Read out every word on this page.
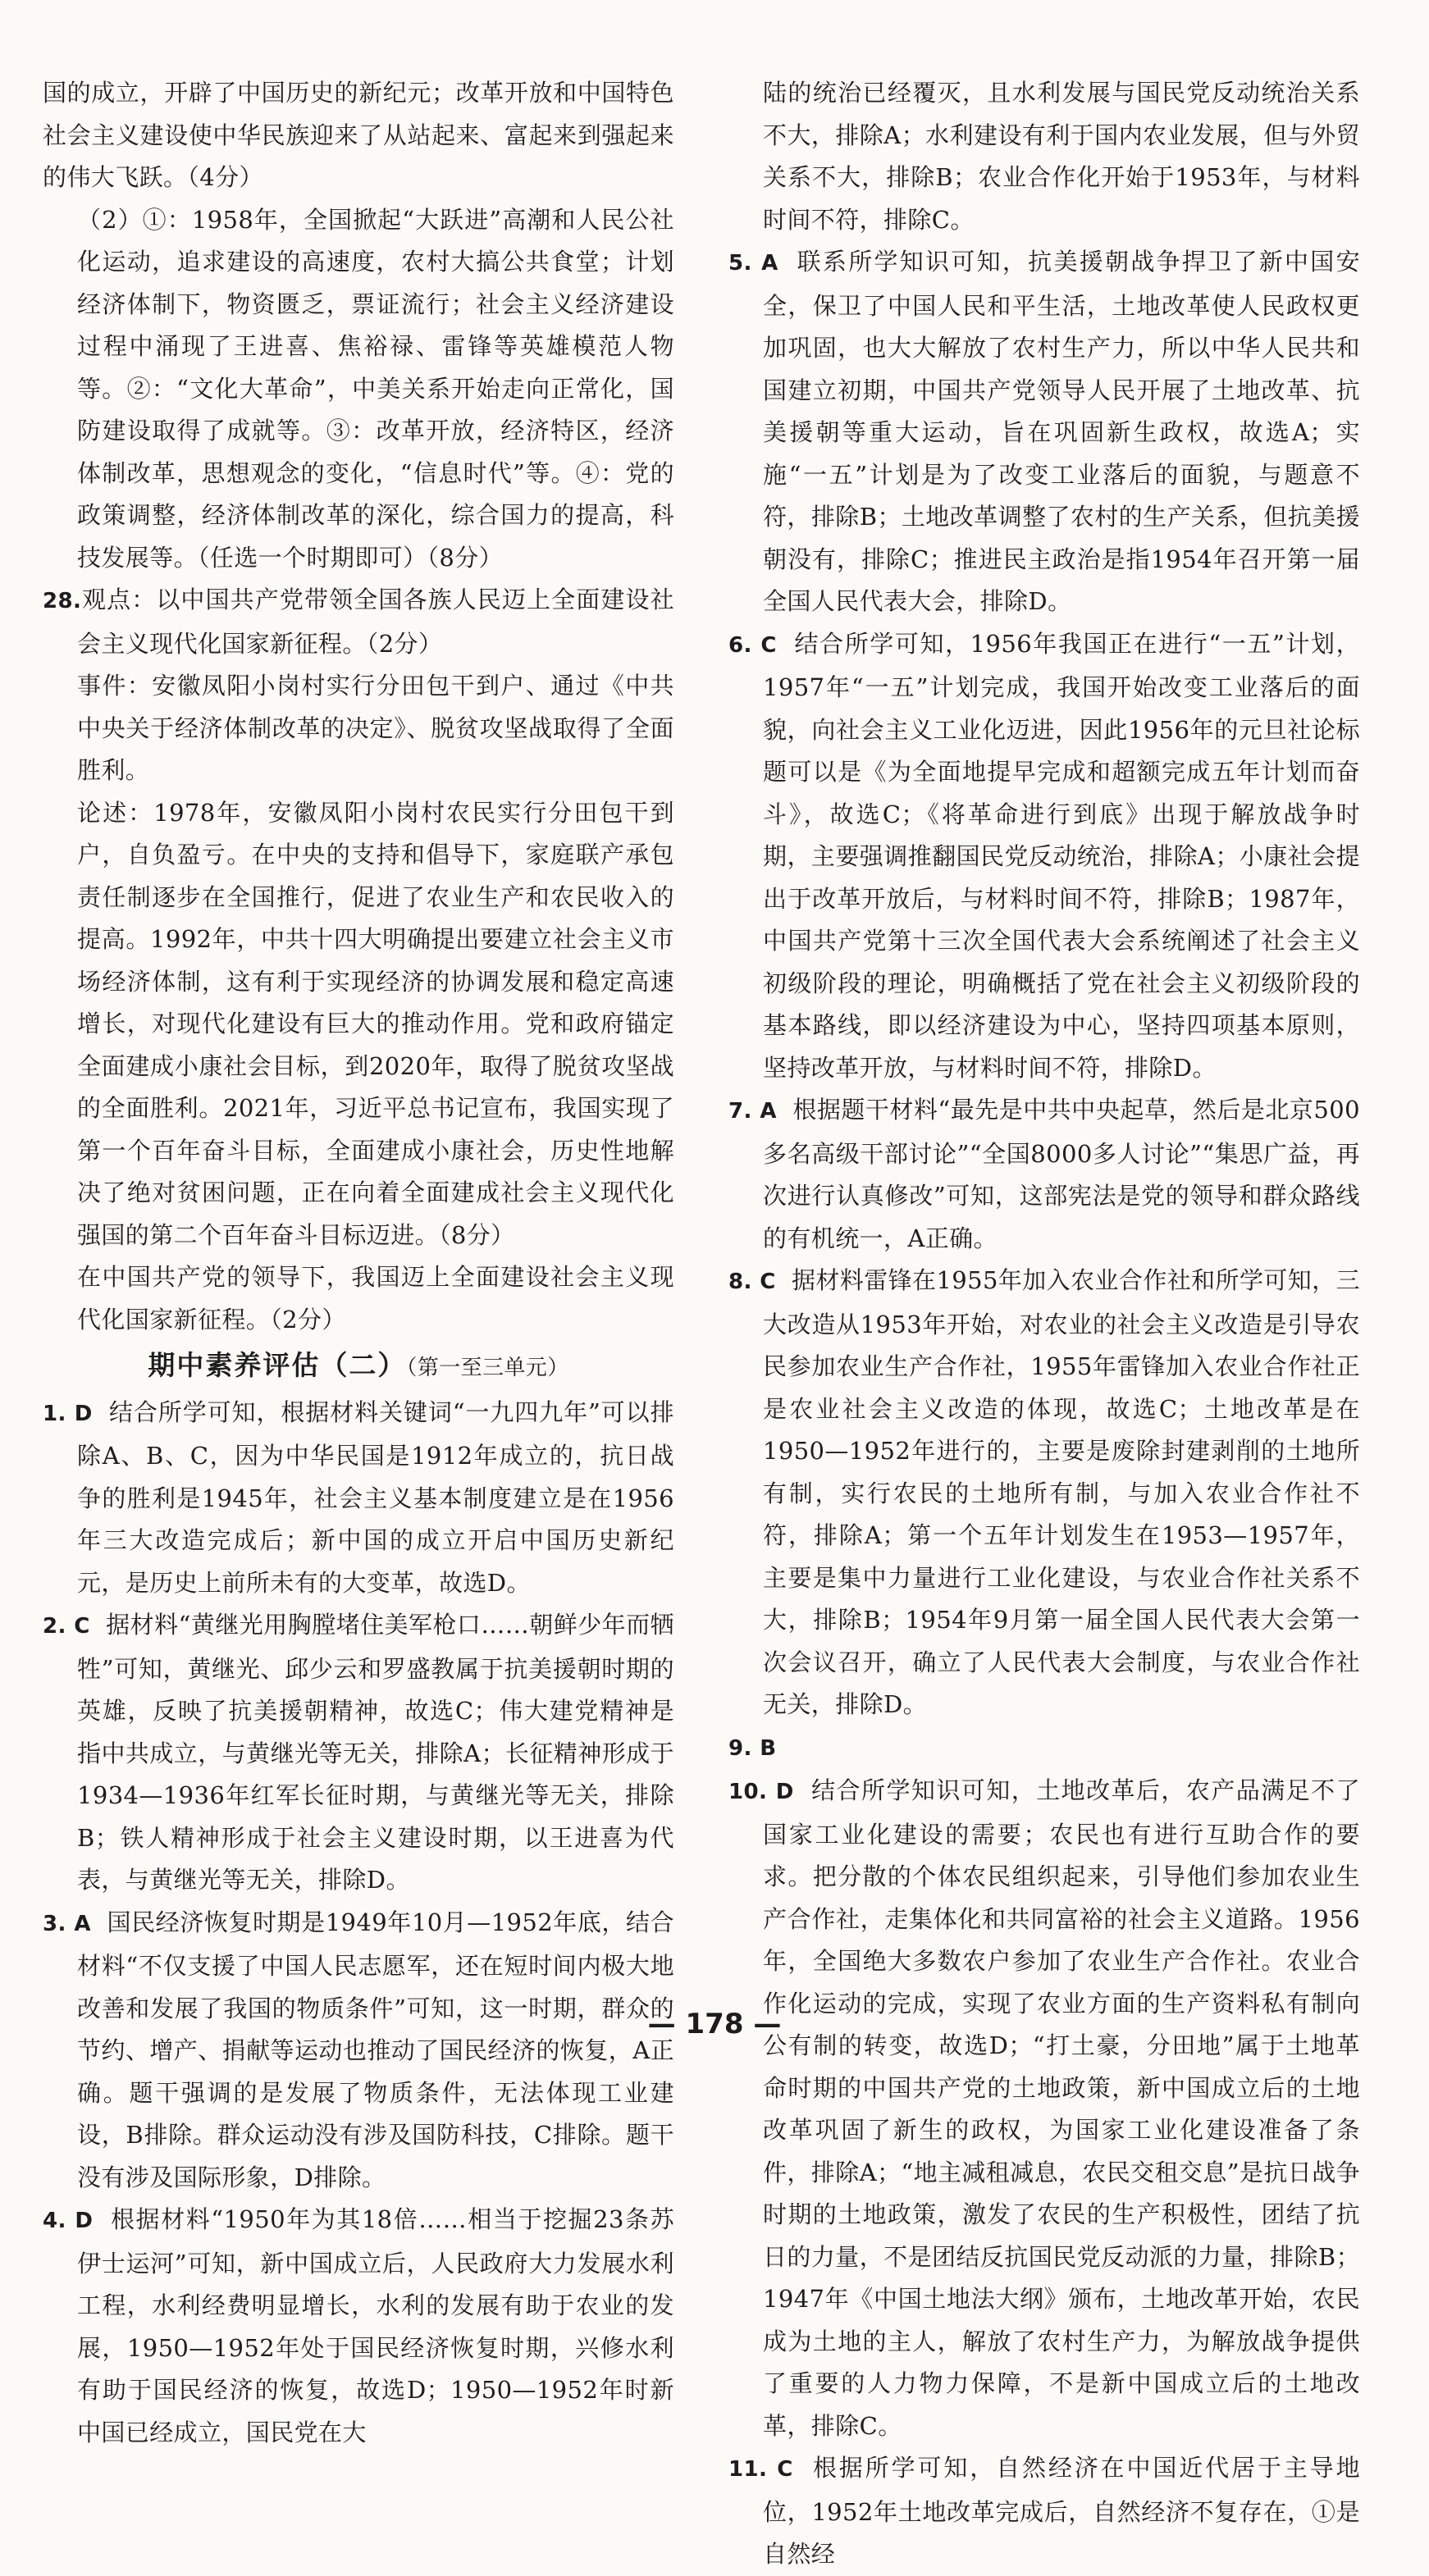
国的成立，开辟了中国历史的新纪元；改革开放和中国特色社会主义建设使中华民族迎来了从站起来、富起来到强起来的伟大飞跃。（4分）

（2）①：1958年，全国掀起“大跃进”高潮和人民公社化运动，追求建设的高速度，农村大搞公共食堂；计划经济体制下，物资匮乏，票证流行；社会主义经济建设过程中涌现了王进喜、焦裕禄、雷锋等英雄模范人物等。②：“文化大革命”，中美关系开始走向正常化，国防建设取得了成就等。③：改革开放，经济特区，经济体制改革，思想观念的变化，“信息时代”等。④：党的政策调整，经济体制改革的深化，综合国力的提高，科技发展等。（任选一个时期即可）（8分）

28.观点：以中国共产党带领全国各族人民迈上全面建设社会主义现代化国家新征程。（2分）

事件：安徽凤阳小岗村实行分田包干到户、通过《中共中央关于经济体制改革的决定》、脱贫攻坚战取得了全面胜利。

论述：1978年，安徽凤阳小岗村农民实行分田包干到户，自负盈亏。在中央的支持和倡导下，家庭联产承包责任制逐步在全国推行，促进了农业生产和农民收入的提高。1992年，中共十四大明确提出要建立社会主义市场经济体制，这有利于实现经济的协调发展和稳定高速增长，对现代化建设有巨大的推动作用。党和政府锚定全面建成小康社会目标，到2020年，取得了脱贫攻坚战的全面胜利。2021年，习近平总书记宣布，我国实现了第一个百年奋斗目标，全面建成小康社会，历史性地解决了绝对贫困问题，正在向着全面建成社会主义现代化强国的第二个百年奋斗目标迈进。（8分）

在中国共产党的领导下，我国迈上全面建设社会主义现代化国家新征程。（2分）

期中素养评估（二）（第一至三单元）

1. D 结合所学可知，根据材料关键词“一九四九年”可以排除A、B、C，因为中华民国是1912年成立的，抗日战争的胜利是1945年，社会主义基本制度建立是在1956年三大改造完成后；新中国的成立开启中国历史新纪元，是历史上前所未有的大变革，故选D。

2. C 据材料“黄继光用胸膛堵住美军枪口……朝鲜少年而牺牲”可知，黄继光、邱少云和罗盛教属于抗美援朝时期的英雄，反映了抗美援朝精神，故选C；伟大建党精神是指中共成立，与黄继光等无关，排除A；长征精神形成于1934—1936年红军长征时期，与黄继光等无关，排除B；铁人精神形成于社会主义建设时期，以王进喜为代表，与黄继光等无关，排除D。

3. A 国民经济恢复时期是1949年10月—1952年底，结合材料“不仅支援了中国人民志愿军，还在短时间内极大地改善和发展了我国的物质条件”可知，这一时期，群众的节约、增产、捐献等运动也推动了国民经济的恢复，A正确。题干强调的是发展了物质条件，无法体现工业建设，B排除。群众运动没有涉及国防科技，C排除。题干没有涉及国际形象，D排除。

4. D 根据材料“1950年为其18倍……相当于挖掘23条苏伊士运河”可知，新中国成立后，人民政府大力发展水利工程，水利经费明显增长，水利的发展有助于农业的发展，1950—1952年处于国民经济恢复时期，兴修水利有助于国民经济的恢复，故选D；1950—1952年时新中国已经成立，国民党在大

陆的统治已经覆灭，且水利发展与国民党反动统治关系不大，排除A；水利建设有利于国内农业发展，但与外贸关系不大，排除B；农业合作化开始于1953年，与材料时间不符，排除C。

5. A 联系所学知识可知，抗美援朝战争捍卫了新中国安全，保卫了中国人民和平生活，土地改革使人民政权更加巩固，也大大解放了农村生产力，所以中华人民共和国建立初期，中国共产党领导人民开展了土地改革、抗美援朝等重大运动，旨在巩固新生政权，故选A；实施“一五”计划是为了改变工业落后的面貌，与题意不符，排除B；土地改革调整了农村的生产关系，但抗美援朝没有，排除C；推进民主政治是指1954年召开第一届全国人民代表大会，排除D。

6. C 结合所学可知，1956年我国正在进行“一五”计划，1957年“一五”计划完成，我国开始改变工业落后的面貌，向社会主义工业化迈进，因此1956年的元旦社论标题可以是《为全面地提早完成和超额完成五年计划而奋斗》，故选C；《将革命进行到底》出现于解放战争时期，主要强调推翻国民党反动统治，排除A；小康社会提出于改革开放后，与材料时间不符，排除B；1987年，中国共产党第十三次全国代表大会系统阐述了社会主义初级阶段的理论，明确概括了党在社会主义初级阶段的基本路线，即以经济建设为中心，坚持四项基本原则，坚持改革开放，与材料时间不符，排除D。

7. A 根据题干材料“最先是中共中央起草，然后是北京500多名高级干部讨论”“全国8000多人讨论”“集思广益，再次进行认真修改”可知，这部宪法是党的领导和群众路线的有机统一，A正确。

8. C 据材料雷锋在1955年加入农业合作社和所学可知，三大改造从1953年开始，对农业的社会主义改造是引导农民参加农业生产合作社，1955年雷锋加入农业合作社正是农业社会主义改造的体现，故选C；土地改革是在1950—1952年进行的，主要是废除封建剥削的土地所有制，实行农民的土地所有制，与加入农业合作社不符，排除A；第一个五年计划发生在1953—1957年，主要是集中力量进行工业化建设，与农业合作社关系不大，排除B；1954年9月第一届全国人民代表大会第一次会议召开，确立了人民代表大会制度，与农业合作社无关，排除D。

9. B

10. D 结合所学知识可知，土地改革后，农产品满足不了国家工业化建设的需要；农民也有进行互助合作的要求。把分散的个体农民组织起来，引导他们参加农业生产合作社，走集体化和共同富裕的社会主义道路。1956年，全国绝大多数农户参加了农业生产合作社。农业合作化运动的完成，实现了农业方面的生产资料私有制向公有制的转变，故选D；“打土豪，分田地”属于土地革命时期的中国共产党的土地政策，新中国成立后的土地改革巩固了新生的政权，为国家工业化建设准备了条件，排除A；“地主减租减息，农民交租交息”是抗日战争时期的土地政策，激发了农民的生产积极性，团结了抗日的力量，不是团结反抗国民党反动派的力量，排除B；1947年《中国土地法大纲》颁布，土地改革开始，农民成为土地的主人，解放了农村生产力，为解放战争提供了重要的人力物力保障，不是新中国成立后的土地改革，排除C。

11. C 根据所学可知，自然经济在中国近代居于主导地位，1952年土地改革完成后，自然经济不复存在，①是自然经

— 178 —
